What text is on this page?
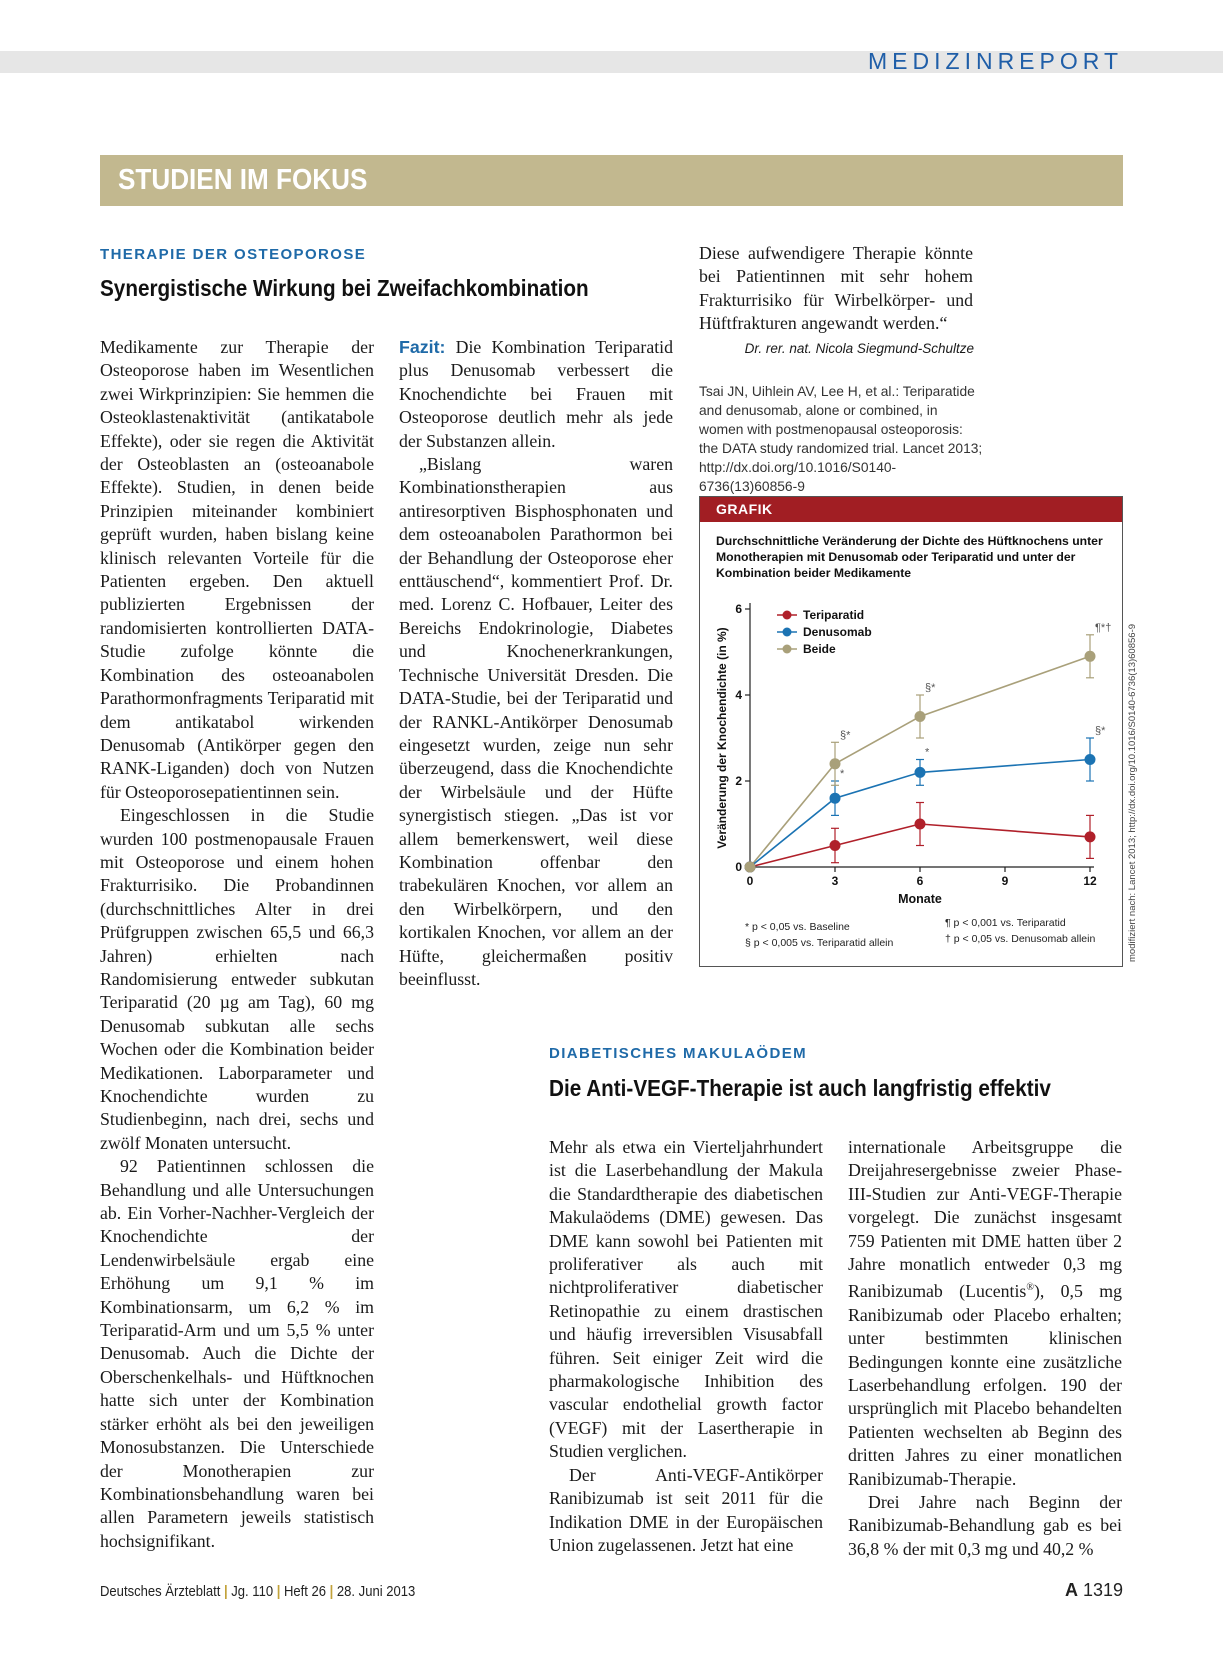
MEDIZINREPORT
STUDIEN IM FOKUS
THERAPIE DER OSTEOPOROSE
Synergistische Wirkung bei Zweifachkombination

Medikamente zur Therapie der Osteoporose haben im Wesentlichen zwei Wirkprinzipien: Sie hemmen die Osteoklastenaktivität (antikatabole Effekte), oder sie regen die Aktivität der Osteoblasten an (osteoanabole Effekte). Studien, in denen beide Prinzipien miteinander kombiniert geprüft wurden, haben bislang keine klinisch relevanten Vorteile für die Patienten ergeben. Den aktuell publizierten Ergebnissen der randomisierten kontrollierten DATA-Studie zufolge könnte die Kombination des osteoanabolen Parathormonfragments Teriparatid mit dem antikatabol wirkenden Denusomab (Antikörper gegen den RANK-Liganden) doch von Nutzen für Osteoporosepatientinnen sein.

Eingeschlossen in die Studie wurden 100 postmenopausale Frauen mit Osteoporose und einem hohen Frakturrisiko. Die Probandinnen (durchschnittliches Alter in drei Prüfgruppen zwischen 65,5 und 66,3 Jahren) erhielten nach Randomisierung entweder subkutan Teriparatid (20 µg am Tag), 60 mg Denusomab subkutan alle sechs Wochen oder die Kombination beider Medikationen. Laborparameter und Knochendichte wurden zu Studienbeginn, nach drei, sechs und zwölf Monaten untersucht.

92 Patientinnen schlossen die Behandlung und alle Untersuchungen ab. Ein Vorher-Nachher-Vergleich der Knochendichte der Lendenwirbelsäule ergab eine Erhöhung um 9,1 % im Kombinationsarm, um 6,2 % im Teriparatid-Arm und um 5,5 % unter Denusomab. Auch die Dichte der Oberschenkelhals- und Hüftknochen hatte sich unter der Kombination stärker erhöht als bei den jeweiligen Monosubstanzen. Die Unterschiede der Monotherapien zur Kombinationsbehandlung waren bei allen Parametern jeweils statistisch hochsignifikant.

Fazit: Die Kombination Teriparatid plus Denusomab verbessert die Knochendichte bei Frauen mit Osteoporose deutlich mehr als jede der Substanzen allein.

„Bislang waren Kombinationstherapien aus antiresorptiven Bisphosphonaten und dem osteoanabolen Parathormon bei der Behandlung der Osteoporose eher enttäuschend“, kommentiert Prof. Dr. med. Lorenz C. Hofbauer, Leiter des Bereichs Endokrinologie, Diabetes und Knochenerkrankungen, Technische Universität Dresden. Die DATA-Studie, bei der Teriparatid und der RANKL-Antikörper Denosumab eingesetzt wurden, zeige nun sehr überzeugend, dass die Knochendichte der Wirbelsäule und der Hüfte synergistisch stiegen. „Das ist vor allem bemerkenswert, weil diese Kombination offenbar den trabekulären Knochen, vor allem an den Wirbelkörpern, und den kortikalen Knochen, vor allem an der Hüfte, gleichermaßen positiv beeinflusst.

Diese aufwendigere Therapie könnte bei Patientinnen mit sehr hohem Frakturrisiko für Wirbelkörper- und Hüftfrakturen angewandt werden.“

Dr. rer. nat. Nicola Siegmund-Schultze
Tsai JN, Uihlein AV, Lee H, et al.: Teriparatide and denusomab, alone or combined, in women with postmenopausal osteoporosis: the DATA study randomized trial. Lancet 2013; http://dx.doi.org/10.1016/S0140-6736(13)60856-9
GRAFIK
Durchschnittliche Veränderung der Dichte des Hüftknochens unter Monotherapien mit Denusomab oder Teriparatid und unter der Kombination beider Medikamente
0
2
4
6
0	3	6	9	12
Monate
Veränderung der Knochendichte (in %)	*
*
§*
§*
§*
¶*†
Teriparatid
Denusomab
Beide
* p < 0,05 vs. Baseline
§ p < 0,005 vs. Teriparatid allein
¶ p < 0,001 vs. Teriparatid
† p < 0,05 vs. Denusomab allein	modifiziert nach: Lancet 2013; http://dx.doi.org/10.1016/S0140-6736(13)60856-9
DIABETISCHES MAKULAÖDEM
Die Anti-VEGF-Therapie ist auch langfristig effektiv

Mehr als etwa ein Vierteljahrhundert ist die Laserbehandlung der Makula die Standardtherapie des diabetischen Makulaödems (DME) gewesen. Das DME kann sowohl bei Patienten mit proliferativer als auch mit nichtproliferativer diabetischer Retinopathie zu einem drastischen und häufig irreversiblen Visusabfall führen. Seit einiger Zeit wird die pharmakologische Inhibition des vascular endothelial growth factor (VEGF) mit der Lasertherapie in Studien verglichen.

Der Anti-VEGF-Antikörper Ranibizumab ist seit 2011 für die Indikation DME in der Europäischen Union zugelassenen. Jetzt hat eine

internationale Arbeitsgruppe die Dreijahresergebnisse zweier Phase-III-Studien zur Anti-VEGF-Therapie vorgelegt. Die zunächst insgesamt 759 Patienten mit DME hatten über 2 Jahre monatlich entweder 0,3 mg Ranibizumab (Lucentis®), 0,5 mg Ranibizumab oder Placebo erhalten; unter bestimmten klinischen Bedingungen konnte eine zusätzliche Laserbehandlung erfolgen. 190 der ursprünglich mit Placebo behandelten Patienten wechselten ab Beginn des dritten Jahres zu einer monatlichen Ranibizumab-Therapie.

Drei Jahre nach Beginn der Ranibizumab-Behandlung gab es bei 36,8 % der mit 0,3 mg und 40,2 %

Deutsches Ärzteblatt | Jg. 110 | Heft 26 | 28. Juni 2013	A 1319
